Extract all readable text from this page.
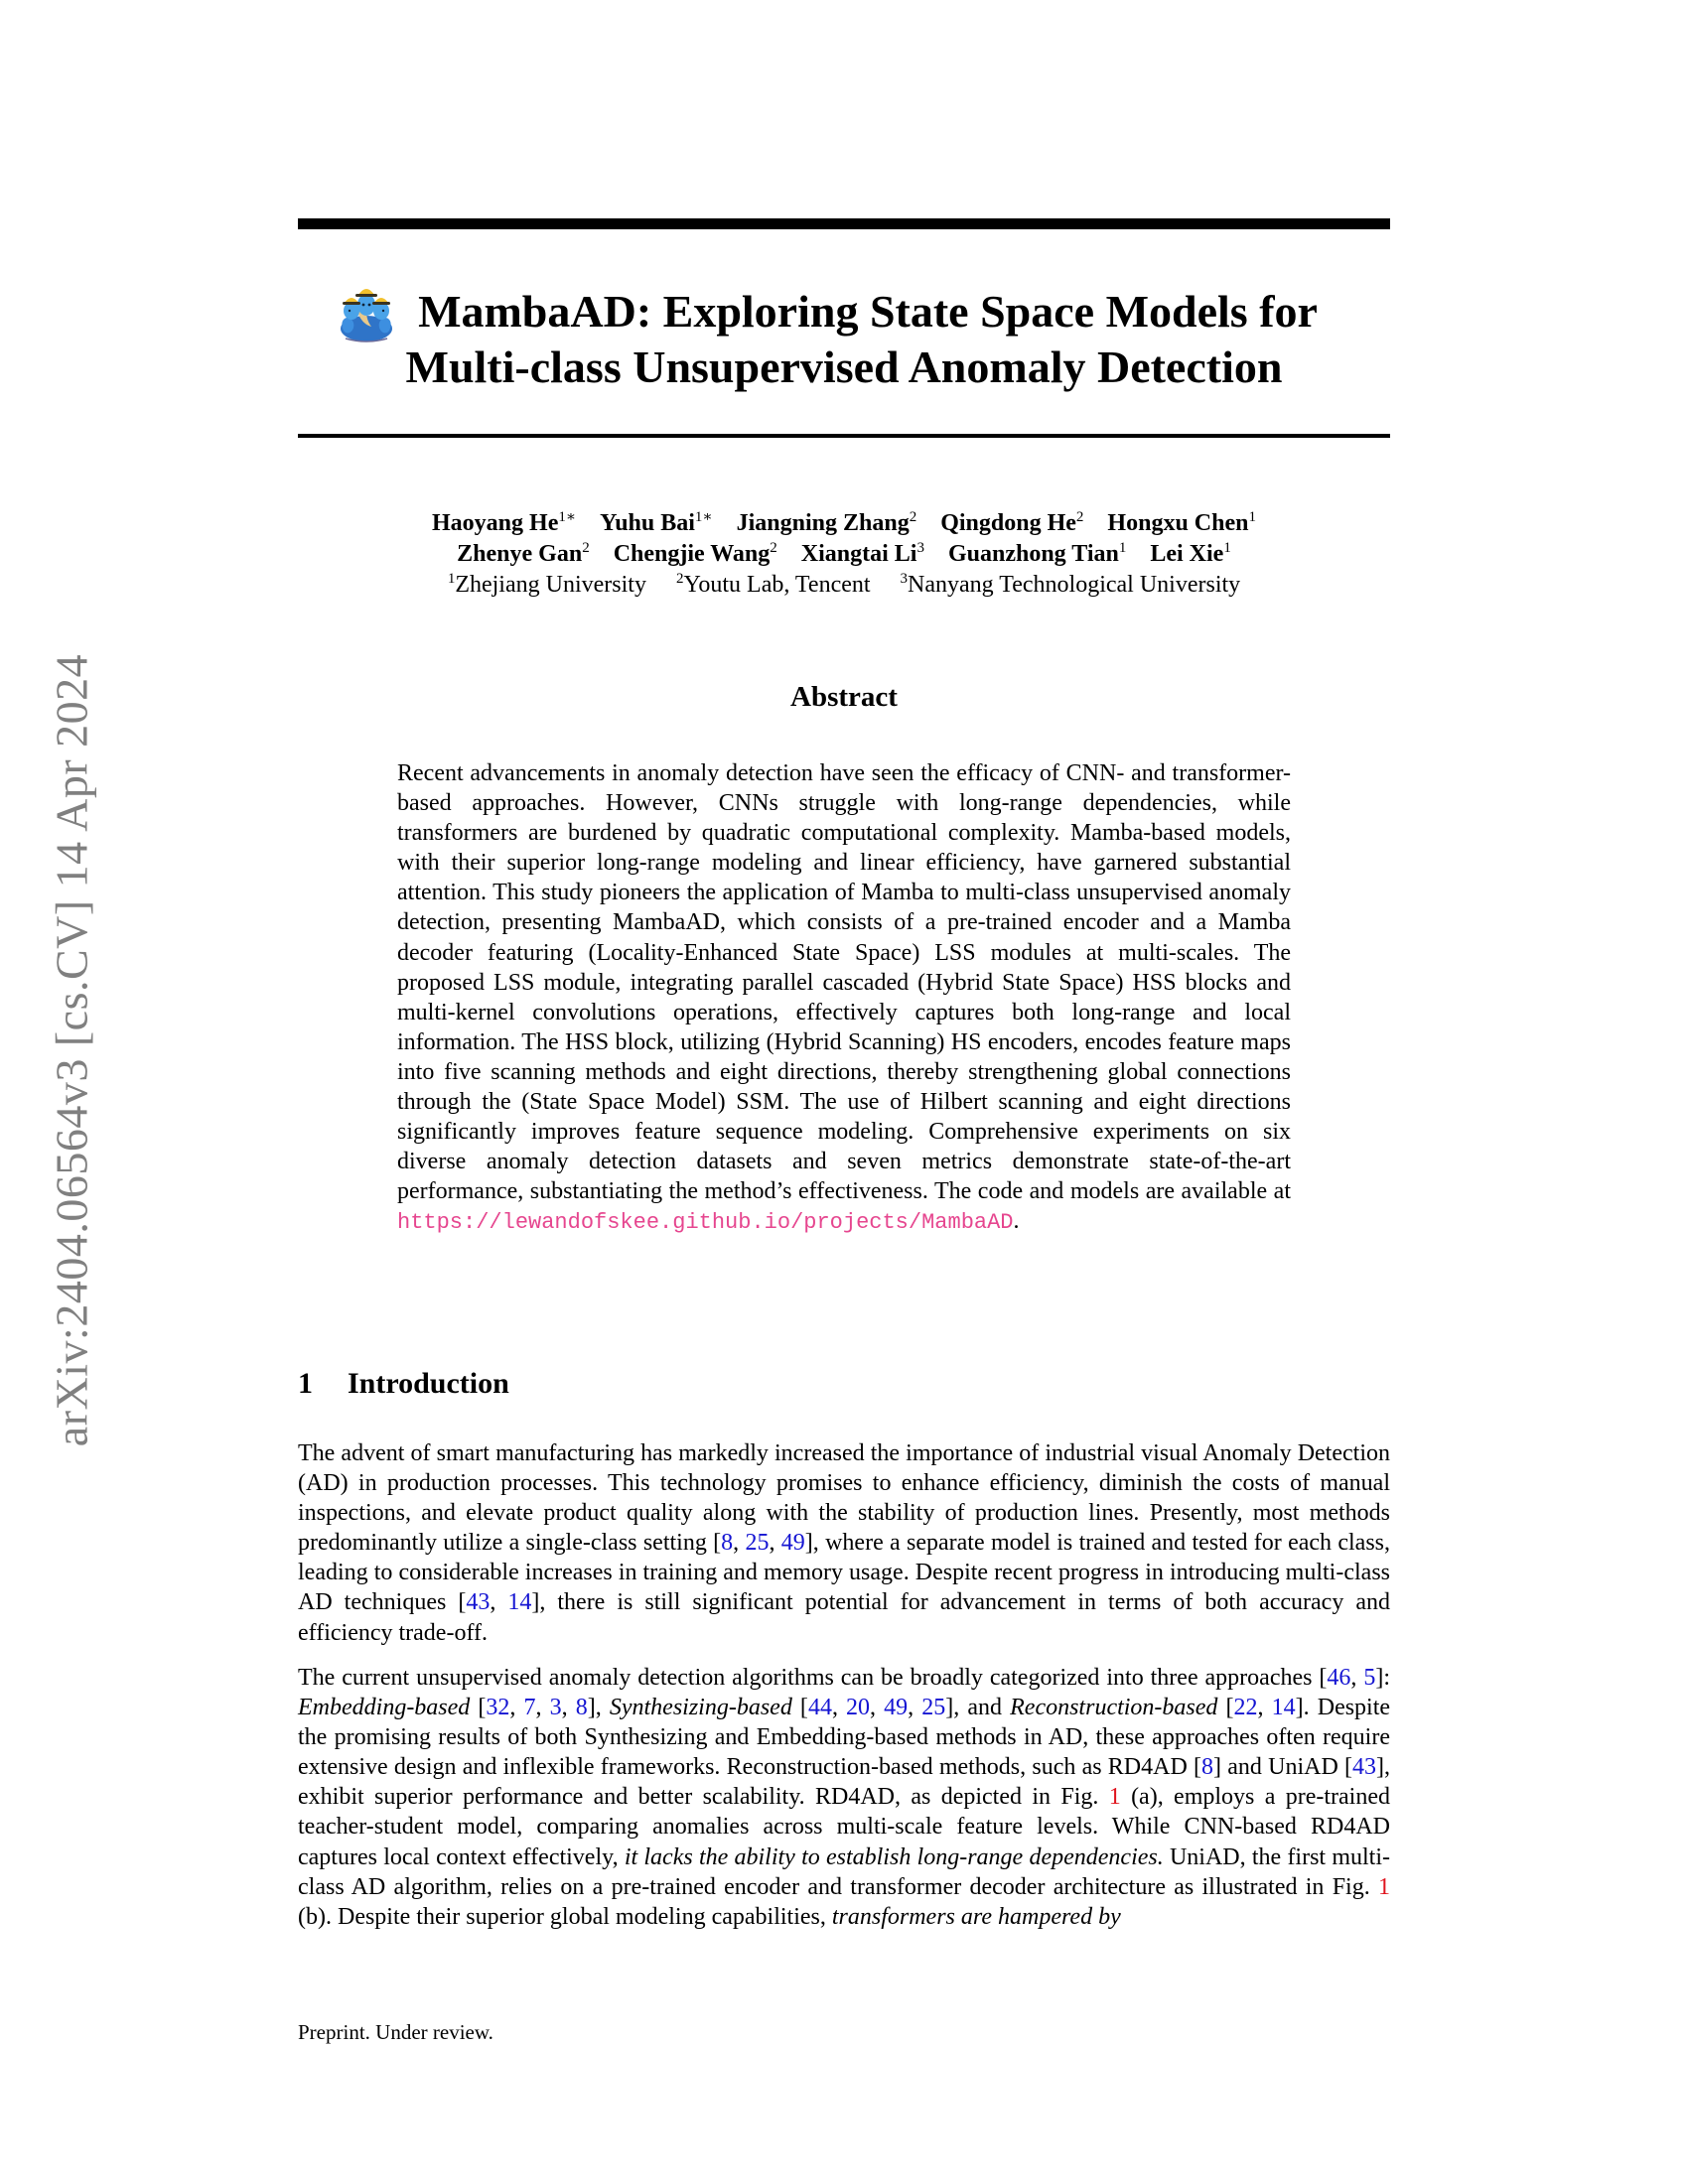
arXiv:2404.06564v3 [cs.CV] 14 Apr 2024
MambaAD: Exploring State Space Models for
Multi-class Unsupervised Anomaly Detection
Haoyang $He^{1∗}$ Yuhu Bai$^{1∗}$ Jiangning Zhang$^2$ Qingdong He$^2$ Hongxu Chen$^1$
Zhenye Gan$^2$ Chengjie Wang$^2$ Xiangtai Li$^3$ Guanzhong Tian$^1$ Lei Xie$^1$
$^1$Zhejiang University $^2$Youtu Lab, Tencent $^3$Nanyang Technological University
Abstract
Recent advancements in anomaly detection have seen the efficacy of CNN- and transformer-based approaches. However, CNNs struggle with long-range dependencies, while transformers are burdened by quadratic computational complexity. Mamba-based models, with their superior long-range modeling and linear efficiency, have garnered substantial attention. This study pioneers the application of Mamba to multi-class unsupervised anomaly detection, presenting MambaAD, which consists of a pre-trained encoder and a Mamba decoder featuring (Locality-Enhanced State Space) LSS modules at multi-scales. The proposed LSS module, integrating parallel cascaded (Hybrid State Space) HSS blocks and multi-kernel convolutions operations, effectively captures both long-range and local information. The HSS block, utilizing (Hybrid Scanning) HS encoders, encodes feature maps into five scanning methods and eight directions, thereby strengthening global connections through the (State Space Model) SSM. The use of Hilbert scanning and eight directions significantly improves feature sequence modeling. Comprehensive experiments on six diverse anomaly detection datasets and seven metrics demonstrate state-of-the-art performance, substantiating the method’s effectiveness. The code and models are available at https://lewandofskee.github.io/projects/MambaAD.
1 Introduction
The advent of smart manufacturing has markedly increased the importance of industrial visual Anomaly Detection (AD) in production processes. This technology promises to enhance efficiency, diminish the costs of manual inspections, and elevate product quality along with the stability of production lines. Presently, most methods predominantly utilize a single-class setting [8, 25, 49], where a separate model is trained and tested for each class, leading to considerable increases in training and memory usage. Despite recent progress in introducing multi-class AD techniques [43, 14], there is still significant potential for advancement in terms of both accuracy and efficiency trade-off.
The current unsupervised anomaly detection algorithms can be broadly categorized into three approaches [46, 5]: Embedding-based [32, 7, 3, 8], Synthesizing-based [44, 20, 49, 25], and Reconstruction-based [22, 14]. Despite the promising results of both Synthesizing and Embedding-based methods in AD, these approaches often require extensive design and inflexible frameworks. Reconstruction-based methods, such as RD4AD [8] and UniAD [43], exhibit superior performance and better scalability. RD4AD, as depicted in Fig. 1 (a), employs a pre-trained teacher-student model, comparing anomalies across multi-scale feature levels. While CNN-based RD4AD captures local context effectively, it lacks the ability to establish long-range dependencies. UniAD, the first multi-class AD algorithm, relies on a pre-trained encoder and transformer decoder architecture as illustrated in Fig. 1 (b). Despite their superior global modeling capabilities, transformers are hampered by
Preprint. Under review.
